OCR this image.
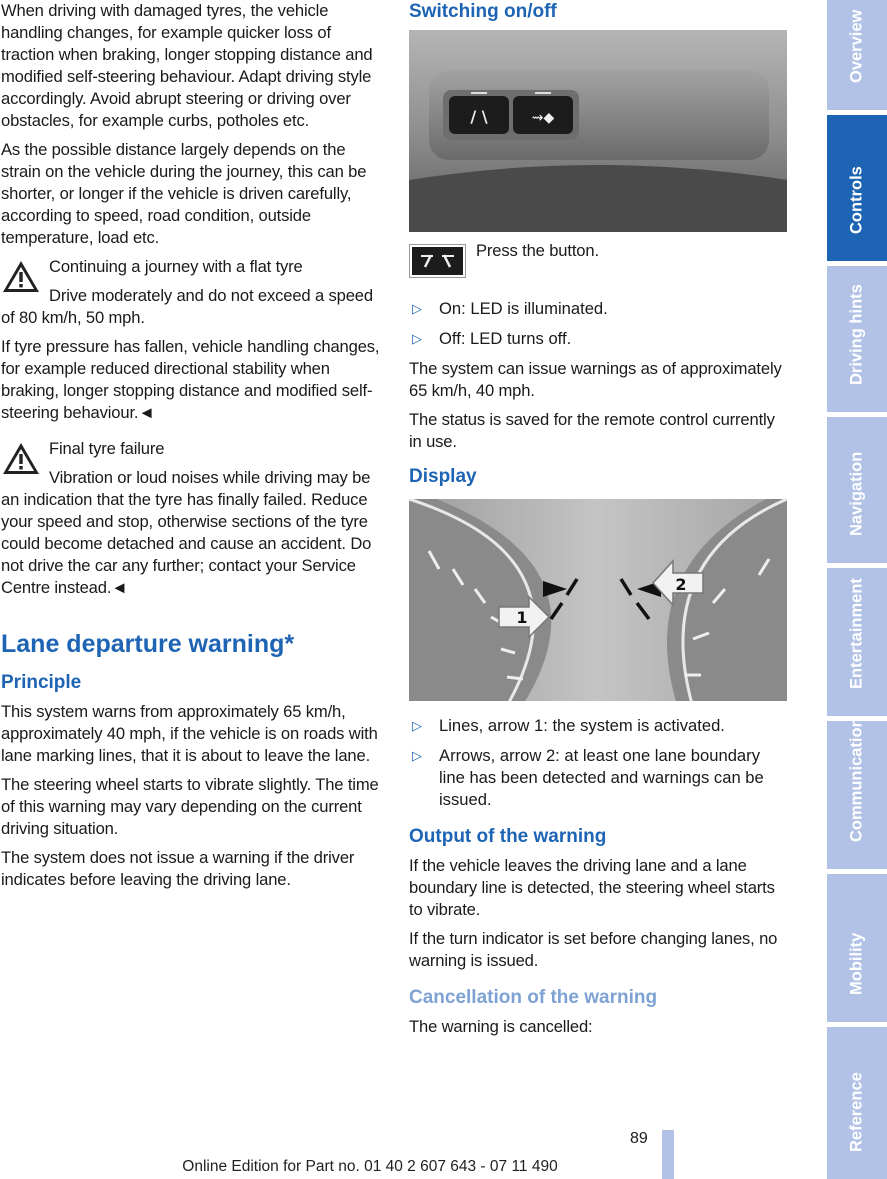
When driving with damaged tyres, the vehicle handling changes, for example quicker loss of traction when braking, longer stopping distance and modified self-steering behaviour. Adapt driving style accordingly. Avoid abrupt steering or driving over obstacles, for example curbs, potholes etc.

As the possible distance largely depends on the strain on the vehicle during the journey, this can be shorter, or longer if the vehicle is driven carefully, according to speed, road condition, outside temperature, load etc.

Continuing a journey with a flat tyre

Drive moderately and do not exceed a speed of 80 km/h, 50 mph.

If tyre pressure has fallen, vehicle handling changes, for example reduced directional stability when braking, longer stopping distance and modified self-steering behaviour.◄

Final tyre failure

Vibration or loud noises while driving may be an indication that the tyre has finally failed. Reduce your speed and stop, otherwise sections of the tyre could become detached and cause an accident. Do not drive the car any further; contact your Service Centre instead.◄

Lane departure warning*
Principle

This system warns from approximately 65 km/h, approximately 40 mph, if the vehicle is on roads with lane marking lines, that it is about to leave the lane.

The steering wheel starts to vibrate slightly. The time of this warning may vary depending on the current driving situation.

The system does not issue a warning if the driver indicates before leaving the driving lane.

Switching on/off
/ \	⇝◆

Press the button.

▷ On: LED is illuminated.
▷ Off: LED turns off.

The system can issue warnings as of approximately 65 km/h, 40 mph.

The status is saved for the remote control currently in use.

Display
1
2
▷ Lines, arrow 1: the system is activated.
▷ Arrows, arrow 2: at least one lane boundary line has been detected and warnings can be issued.
Output of the warning

If the vehicle leaves the driving lane and a lane boundary line is detected, the steering wheel starts to vibrate.

If the turn indicator is set before changing lanes, no warning is issued.

Cancellation of the warning

The warning is cancelled:

Overview
Controls
Driving hints
Navigation
Entertainment
Communication
Mobility
Reference
89
Online Edition for Part no. 01 40 2 607 643 - 07 11 490
